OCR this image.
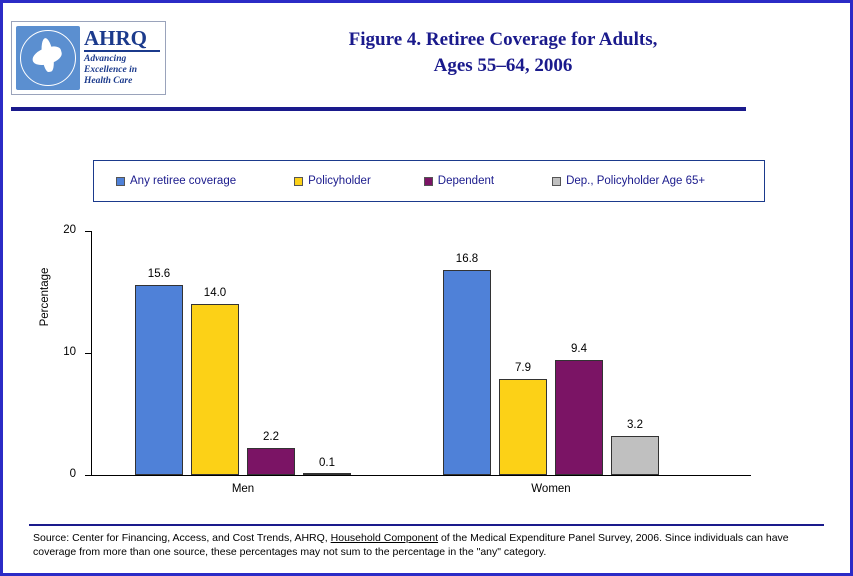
AHRQ
Advancing
Excellence in
Health Care
Figure 4. Retiree Coverage for Adults,
Ages 55–64, 2006
Any retiree coverage	Policyholder	Dependent	Dep., Policyholder Age 65+
Percentage
0
10
20
15.6
14.0
2.2
0.1
16.8
7.9
9.4
3.2
Men	Women
Source: Center for Financing, Access, and Cost Trends, AHRQ, Household Component of the Medical Expenditure Panel Survey, 2006. Since individuals can have coverage from more than one source, these percentages may not sum to the percentage in the "any" category.
